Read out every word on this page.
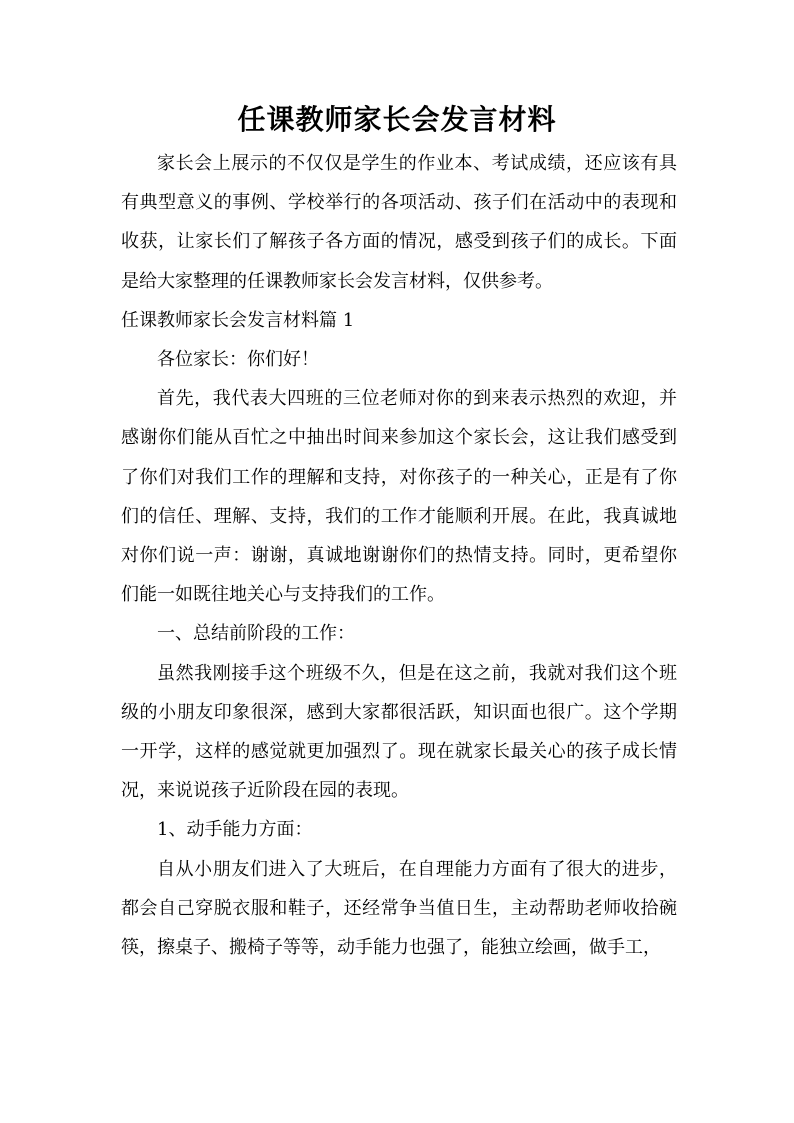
任课教师家长会发言材料

家长会上展示的不仅仅是学生的作业本、考试成绩，还应该有具有典型意义的事例、学校举行的各项活动、孩子们在活动中的表现和收获，让家长们了解孩子各方面的情况，感受到孩子们的成长。下面是给大家整理的任课教师家长会发言材料，仅供参考。

任课教师家长会发言材料篇 1

各位家长：你们好！

首先，我代表大四班的三位老师对你的到来表示热烈的欢迎，并感谢你们能从百忙之中抽出时间来参加这个家长会，这让我们感受到了你们对我们工作的理解和支持，对你孩子的一种关心，正是有了你们的信任、理解、支持，我们的工作才能顺利开展。在此，我真诚地对你们说一声：谢谢，真诚地谢谢你们的热情支持。同时，更希望你们能一如既往地关心与支持我们的工作。

一、总结前阶段的工作：

虽然我刚接手这个班级不久，但是在这之前，我就对我们这个班级的小朋友印象很深，感到大家都很活跃，知识面也很广。这个学期一开学，这样的感觉就更加强烈了。现在就家长最关心的孩子成长情况，来说说孩子近阶段在园的表现。

1、动手能力方面：

自从小朋友们进入了大班后，在自理能力方面有了很大的进步，都会自己穿脱衣服和鞋子，还经常争当值日生，主动帮助老师收拾碗筷，擦桌子、搬椅子等等，动手能力也强了，能独立绘画，做手工，
